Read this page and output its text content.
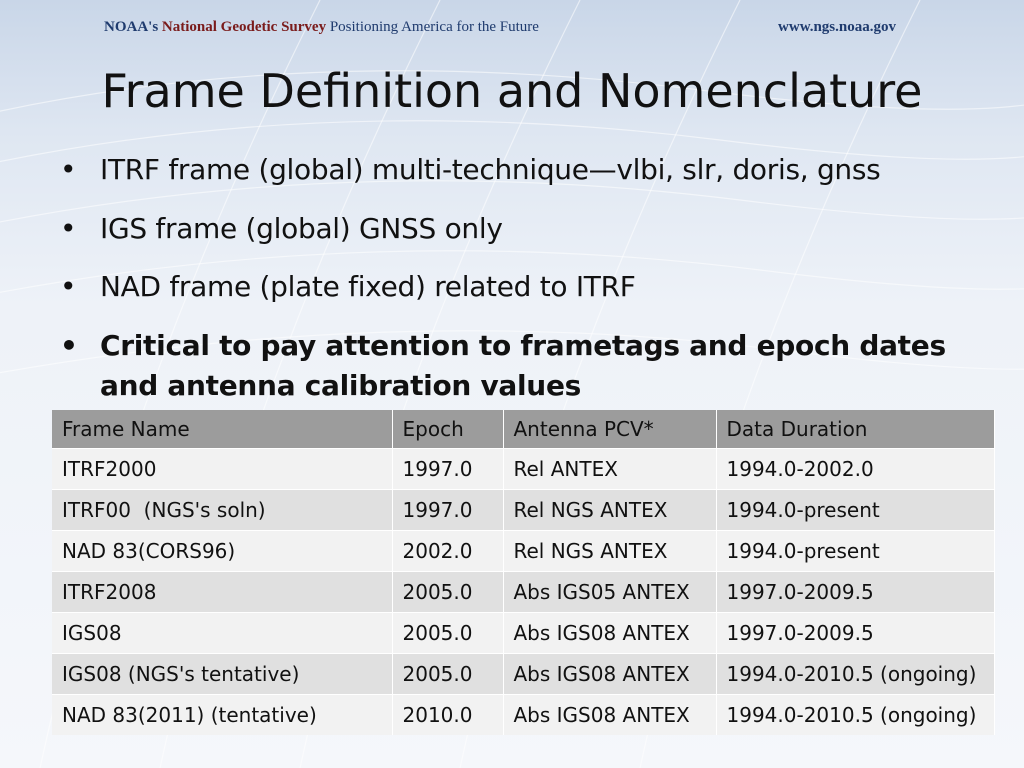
NOAA's National Geodetic Survey Positioning America for the Future	www.ngs.noaa.gov
Frame Definition and Nomenclature
• ITRF frame (global) multi-technique—vlbi, slr, doris, gnss
• IGS frame (global) GNSS only
• NAD frame (plate fixed) related to ITRF
• Critical to pay attention to frametags and epoch dates and antenna calibration values
Frame Name	Epoch	Antenna PCV*	Data Duration
ITRF2000	1997.0	Rel ANTEX	1994.0-2002.0
ITRF00  (NGS's soln)	1997.0	Rel NGS ANTEX	1994.0-present
NAD 83(CORS96)	2002.0	Rel NGS ANTEX	1994.0-present
ITRF2008	2005.0	Abs IGS05 ANTEX	1997.0-2009.5
IGS08	2005.0	Abs IGS08 ANTEX	1997.0-2009.5
IGS08 (NGS's tentative)	2005.0	Abs IGS08 ANTEX	1994.0-2010.5 (ongoing)
NAD 83(2011) (tentative)	2010.0	Abs IGS08 ANTEX	1994.0-2010.5 (ongoing)
